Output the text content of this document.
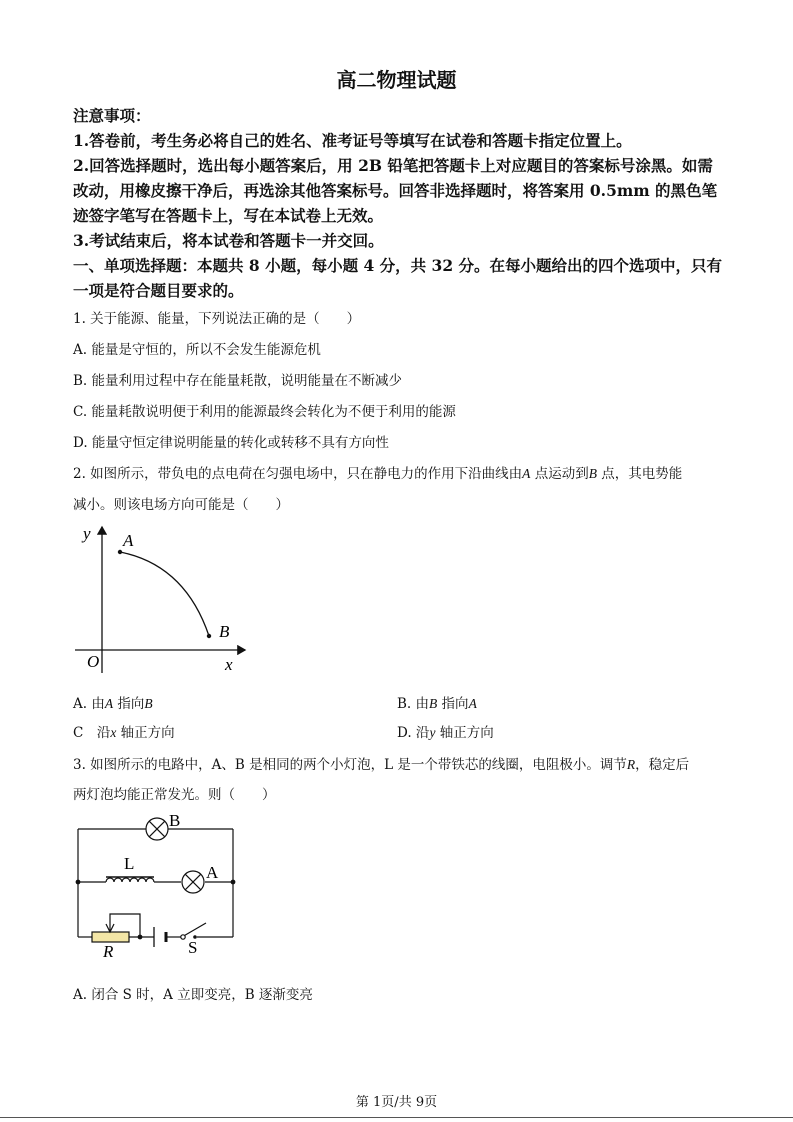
高二物理试题
注意事项：
1.答卷前，考生务必将自己的姓名、准考证号等填写在试卷和答题卡指定位置上。
2.回答选择题时，选出每小题答案后，用 2B 铅笔把答题卡上对应题目的答案标号涂黑。如需
改动，用橡皮擦干净后，再选涂其他答案标号。回答非选择题时，将答案用 0.5mm 的黑色笔
迹签字笔写在答题卡上，写在本试卷上无效。
3.考试结束后，将本试卷和答题卡一并交回。
一、单项选择题：本题共 8 小题，每小题 4 分，共 32 分。在每小题给出的四个选项中，只有
一项是符合题目要求的。
1. 关于能源、能量，下列说法正确的是（　　）
A. 能量是守恒的，所以不会发生能源危机
B. 能量利用过程中存在能量耗散，说明能量在不断减少
C. 能量耗散说明便于利用的能源最终会转化为不便于利用的能源
D. 能量守恒定律说明能量的转化或转移不具有方向性
2. 如图所示，带负电的点电荷在匀强电场中，只在静电力的作用下沿曲线由A 点运动到B 点，其电势能
减小。则该电场方向可能是（　　）
y A
B
O	x
A. 由A 指向B	B. 由B 指向A
C　沿x 轴正方向	D. 沿y 轴正方向
3. 如图所示的电路中，A、B 是相同的两个小灯泡，L 是一个带铁芯的线圈，电阻极小。调节R，稳定后
两灯泡均能正常发光。则（　　）
B
L	A
R	S
A. 闭合 S 时，A 立即变亮，B 逐渐变亮
第 1页/共 9页
